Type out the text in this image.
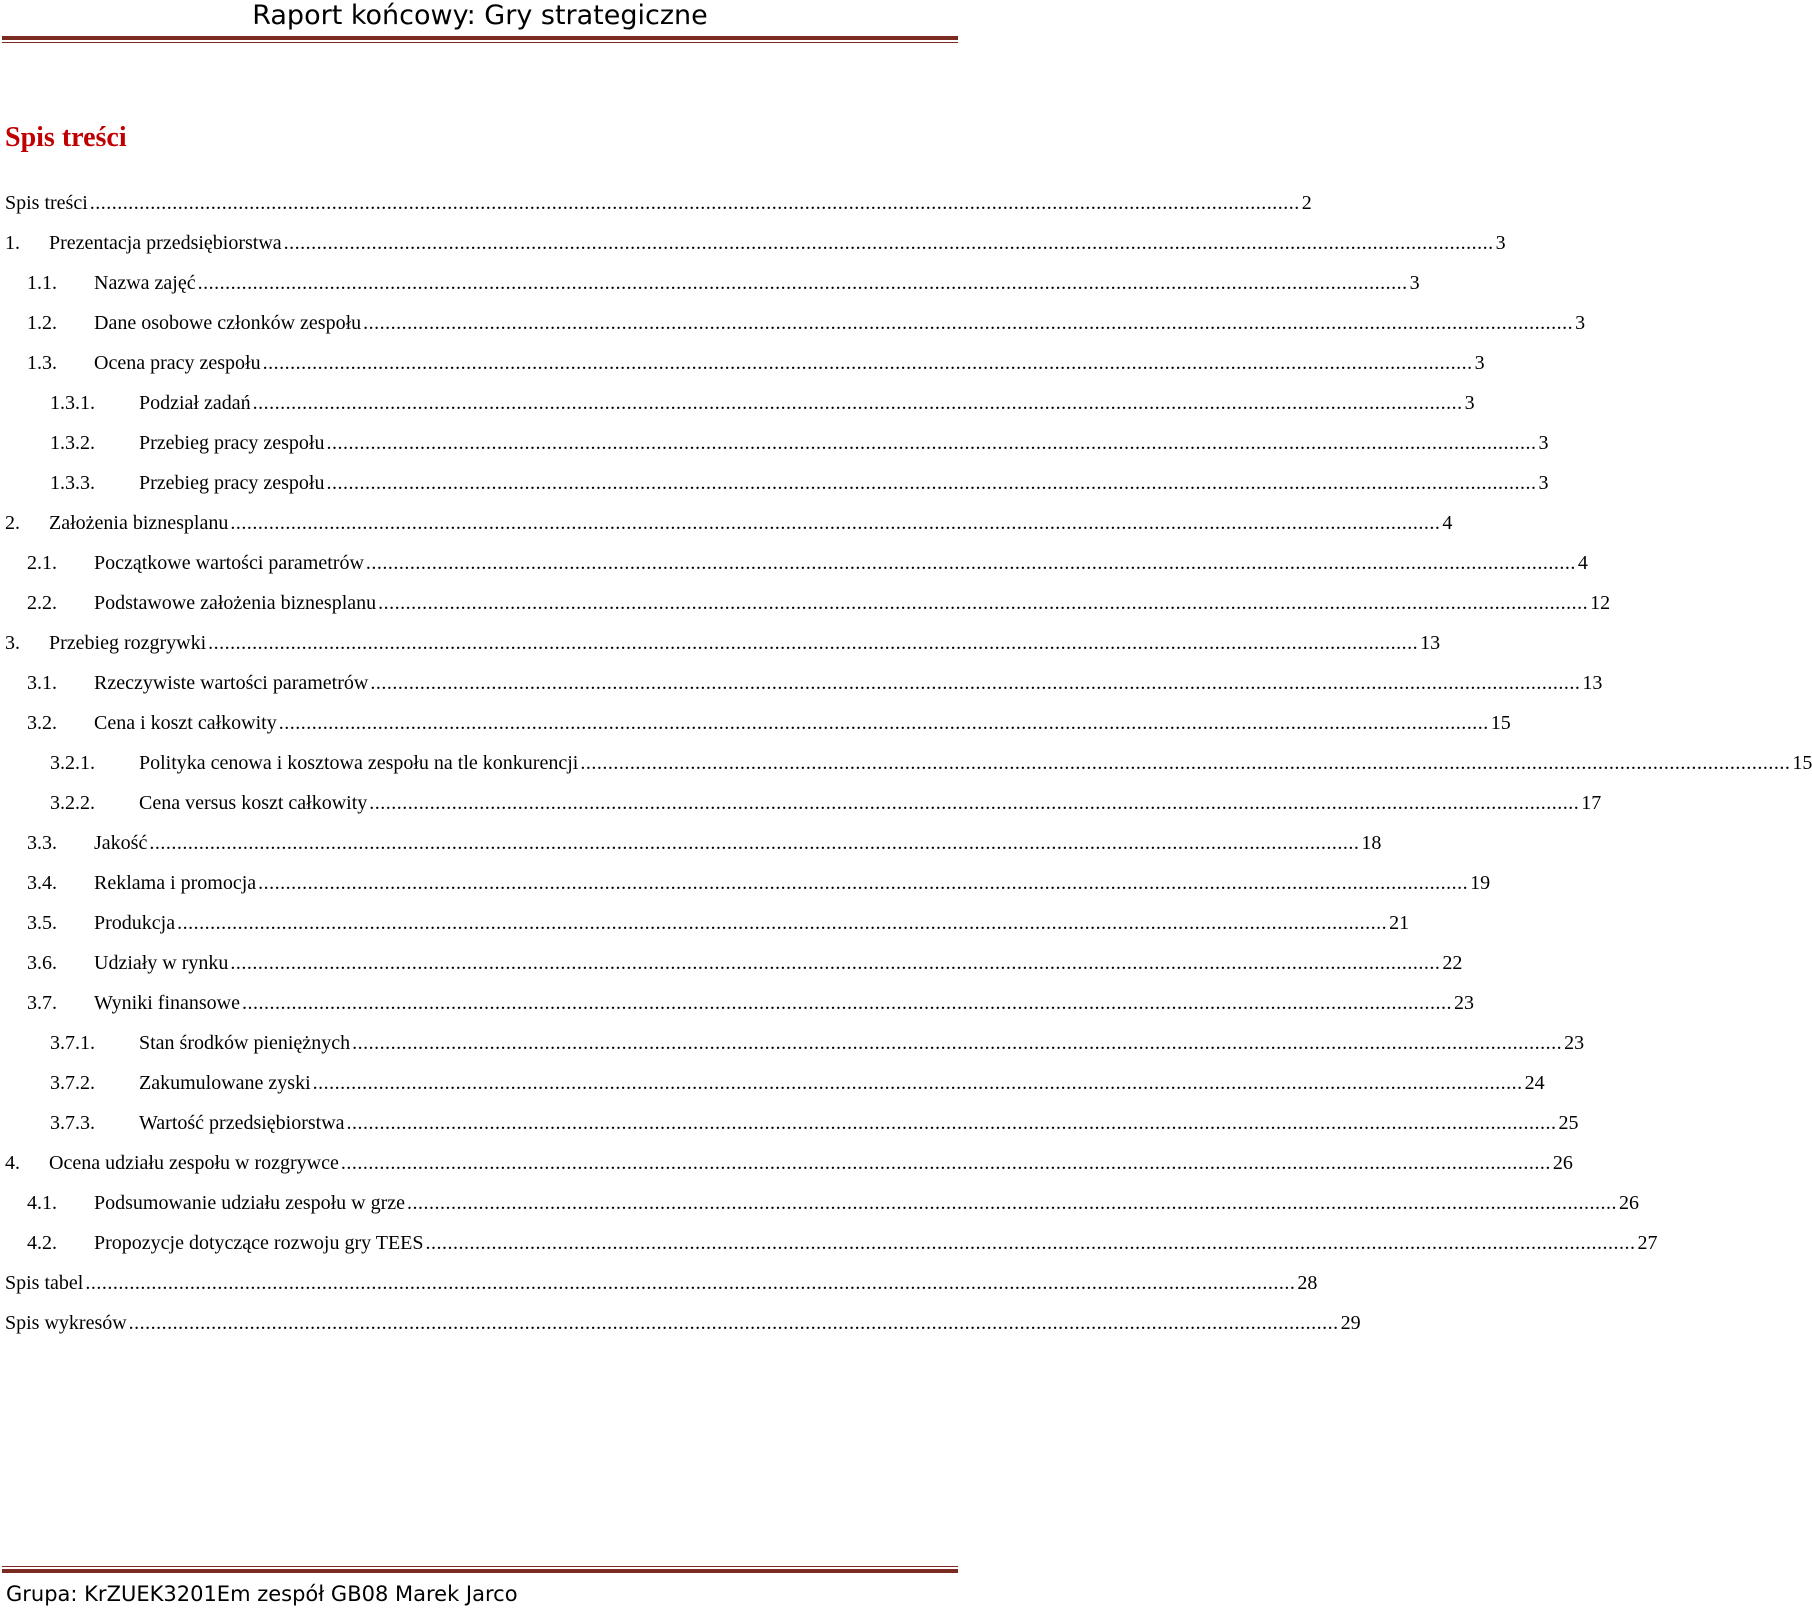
Raport końcowy: Gry strategiczne
Spis treści
Spis treści ............................................................................................................................................................................................................................ 2
1. Prezentacja przedsiębiorstwa ............................................................................................................................................................................................................................ 3
1.1. Nazwa zajęć ............................................................................................................................................................................................................................ 3
1.2. Dane osobowe członków zespołu ............................................................................................................................................................................................................................ 3
1.3. Ocena pracy zespołu ............................................................................................................................................................................................................................ 3
1.3.1. Podział zadań ............................................................................................................................................................................................................................ 3
1.3.2. Przebieg pracy zespołu ............................................................................................................................................................................................................................ 3
1.3.3. Przebieg pracy zespołu ............................................................................................................................................................................................................................ 3
2. Założenia biznesplanu ............................................................................................................................................................................................................................ 4
2.1. Początkowe wartości parametrów ............................................................................................................................................................................................................................ 4
2.2. Podstawowe założenia biznesplanu ............................................................................................................................................................................................................................ 12
3. Przebieg rozgrywki ............................................................................................................................................................................................................................ 13
3.1. Rzeczywiste wartości parametrów ............................................................................................................................................................................................................................ 13
3.2. Cena i koszt całkowity ............................................................................................................................................................................................................................ 15
3.2.1. Polityka cenowa i kosztowa zespołu na tle konkurencji ............................................................................................................................................................................................................................ 15
3.2.2. Cena versus koszt całkowity ............................................................................................................................................................................................................................ 17
3.3. Jakość ............................................................................................................................................................................................................................ 18
3.4. Reklama i promocja ............................................................................................................................................................................................................................ 19
3.5. Produkcja ............................................................................................................................................................................................................................ 21
3.6. Udziały w rynku ............................................................................................................................................................................................................................ 22
3.7. Wyniki finansowe ............................................................................................................................................................................................................................ 23
3.7.1. Stan środków pieniężnych ............................................................................................................................................................................................................................ 23
3.7.2. Zakumulowane zyski ............................................................................................................................................................................................................................ 24
3.7.3. Wartość przedsiębiorstwa ............................................................................................................................................................................................................................ 25
4. Ocena udziału zespołu w rozgrywce ............................................................................................................................................................................................................................ 26
4.1. Podsumowanie udziału zespołu w grze ............................................................................................................................................................................................................................ 26
4.2. Propozycje dotyczące rozwoju gry TEES ............................................................................................................................................................................................................................ 27
Spis tabel ............................................................................................................................................................................................................................ 28
Spis wykresów ............................................................................................................................................................................................................................ 29
Grupa: KrZUEK3201Em zespół GB08 Marek Jarco
